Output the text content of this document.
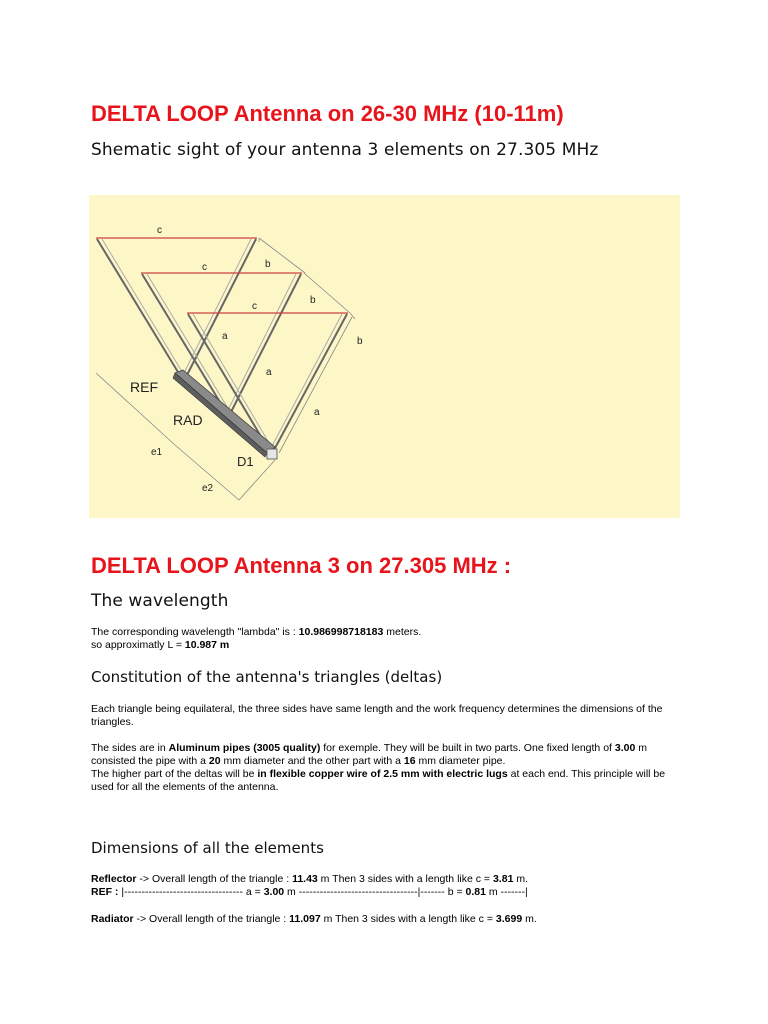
DELTA LOOP Antenna on 26-30 MHz (10-11m)
Shematic sight of your antenna 3 elements on 27.305 MHz
c
c
c
b
b
b
a
a
a
REF
RAD
D1
e1
e2
DELTA LOOP Antenna 3 on 27.305 MHz :
The wavelength

The corresponding wavelength "lambda" is : 10.986998718183 meters.
so approximatly L = 10.987 m

Constitution of the antenna's triangles (deltas)

Each triangle being equilateral, the three sides have same length and the work frequency determines the dimensions of the triangles.

The sides are in Aluminum pipes (3005 quality) for exemple. They will be built in two parts. One fixed length of 3.00 m consisted the pipe with a 20 mm diameter and the other part with a 16 mm diameter pipe.
The higher part of the deltas will be in flexible copper wire of 2.5 mm with electric lugs at each end. This principle will be used for all the elements of the antenna.

Dimensions of all the elements

Reflector -> Overall length of the triangle : 11.43 m Then 3 sides with a length like c = 3.81 m.
REF : |---------------------------------- a = 3.00 m ----------------------------------|------- b = 0.81 m -------|

Radiator -> Overall length of the triangle : 11.097 m Then 3 sides with a length like c = 3.699 m.
